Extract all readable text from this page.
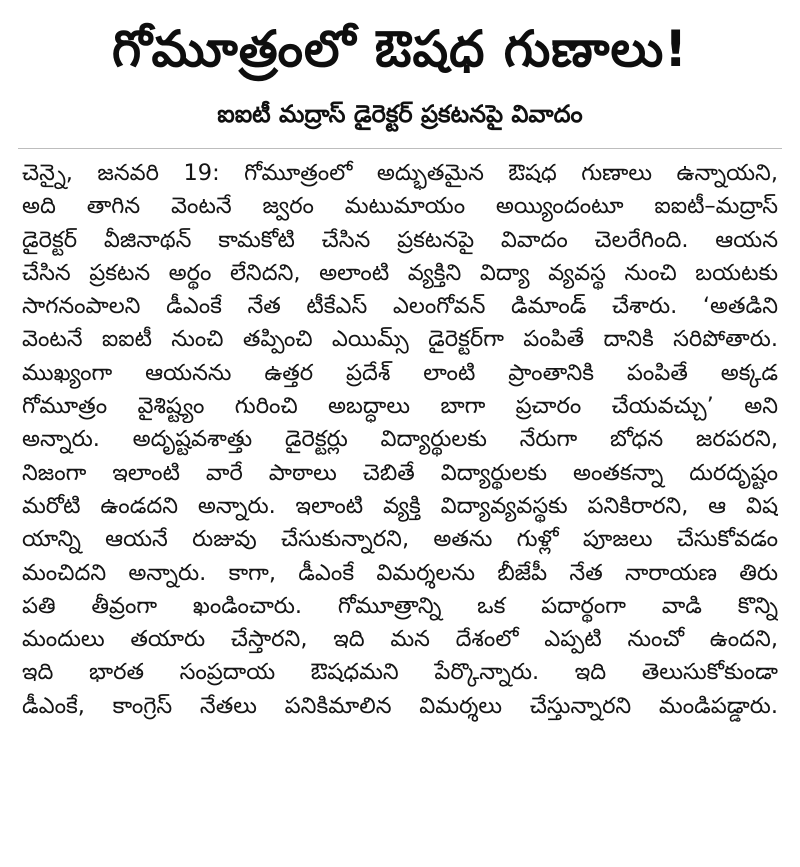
గోమూత్రంలో ఔషధ గుణాలు!
ఐఐటీ మద్రాస్ డైరెక్టర్ ప్రకటనపై వివాదం
చెన్నై, జనవరి 19: గోమూత్రంలో అద్భుతమైన ఔషధ గుణాలు ఉన్నాయని,
అది తాగిన వెంటనే జ్వరం మటుమాయం అయ్యిందంటూ ఐఐటీ–మద్రాస్
డైరెక్టర్ వీజినాథన్ కామకోటి చేసిన ప్రకటనపై వివాదం చెలరేగింది. ఆయన
చేసిన ప్రకటన అర్థం లేనిదని, అలాంటి వ్యక్తిని విద్యా వ్యవస్థ నుంచి బయటకు
సాగనంపాలని డీఎంకే నేత టీకేఎస్ ఎలంగోవన్ డిమాండ్ చేశారు. ‘అతడిని
వెంటనే ఐఐటీ నుంచి తప్పించి ఎయిమ్స్ డైరెక్టర్‌గా పంపితే దానికి సరిపోతారు.
ముఖ్యంగా ఆయనను ఉత్తర ప్రదేశ్ లాంటి ప్రాంతానికి పంపితే అక్కడ
గోమూత్రం వైశిష్ట్యం గురించి అబద్ధాలు బాగా ప్రచారం చేయవచ్చు’ అని
అన్నారు. అదృష్టవశాత్తు డైరెక్టర్లు విద్యార్థులకు నేరుగా బోధన జరపరని,
నిజంగా ఇలాంటి వారే పాఠాలు చెబితే విద్యార్థులకు అంతకన్నా దురదృష్టం
మరోటి ఉండదని అన్నారు. ఇలాంటి వ్యక్తి విద్యావ్యవస్థకు పనికిరారని, ఆ విష
యాన్ని ఆయనే రుజువు చేసుకున్నారని, అతను గుళ్లో పూజలు చేసుకోవడం
మంచిదని అన్నారు. కాగా, డీఎంకే విమర్శలను బీజేపీ నేత నారాయణ తిరు
పతి తీవ్రంగా ఖండించారు. గోమూత్రాన్ని ఒక పదార్థంగా వాడి కొన్ని
మందులు తయారు చేస్తారని, ఇది మన దేశంలో ఎప్పటి నుంచో ఉందని,
ఇది భారత సంప్రదాయ ఔషధమని పేర్కొన్నారు. ఇది తెలుసుకోకుండా
డీఎంకే, కాంగ్రెస్ నేతలు పనికిమాలిన విమర్శలు చేస్తున్నారని మండిపడ్డారు.
